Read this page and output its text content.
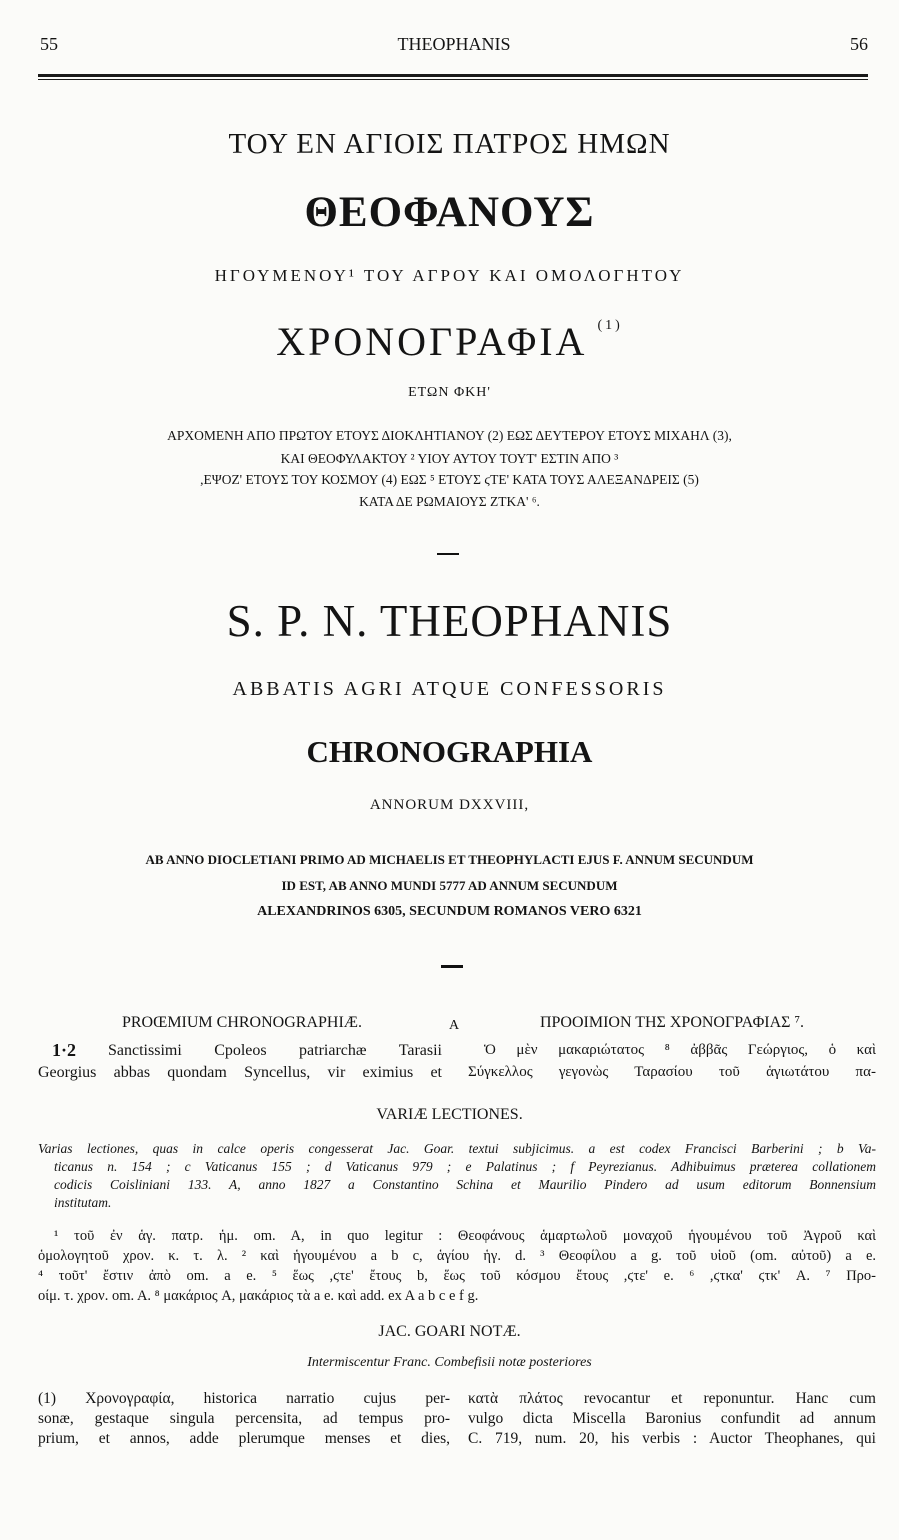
55	THEOPHANIS	56
ΤΟΥ ΕΝ ΑΓΙΟΙΣ ΠΑΤΡΟΣ ΗΜΩΝ
ΘΕΟΦΑΝΟΥΣ
ΗΓΟΥΜΕΝΟΥ¹ ΤΟΥ ΑΓΡΟΥ ΚΑΙ ΟΜΟΛΟΓΗΤΟΥ
ΧΡΟΝΟΓΡΑΦΙΑ $^{(1)}$
ΕΤΩΝ ΦΚΗ'
ΑΡΧΟΜΕΝΗ ΑΠΟ ΠΡΩΤΟΥ ΕΤΟΥΣ ΔΙΟΚΛΗΤΙΑΝΟΥ (2) ΕΩΣ ΔΕΥΤΕΡΟΥ ΕΤΟΥΣ ΜΙΧΑΗΛ (3),
ΚΑΙ ΘΕΟΦΥΛΑΚΤΟΥ ² ΥΙΟΥ ΑΥΤΟΥ ΤΟΥΤ' ΕΣΤΙΝ ΑΠΟ ³
,ΕΨΟΖ' ΕΤΟΥΣ ΤΟΥ ΚΟΣΜΟΥ (4) ΕΩΣ ⁵ ΕΤΟΥΣ ϛΤΕ' ΚΑΤΑ ΤΟΥΣ ΑΛΕΞΑΝΔΡΕΙΣ (5)
ΚΑΤΑ ΔΕ ΡΩΜΑΙΟΥΣ ΖΤΚΑ' ⁶.
S. P. N. THEOPHANIS
ABBATIS AGRI ATQUE CONFESSORIS
CHRONOGRAPHIA
ANNORUM DXXVIII,
AB ANNO DIOCLETIANI PRIMO AD MICHAELIS ET THEOPHYLACTI EJUS F. ANNUM SECUNDUM
ID EST, AB ANNO MUNDI 5777 AD ANNUM SECUNDUM
ALEXANDRINOS 6305, SECUNDUM ROMANOS VERO 6321
PROŒMIUM CHRONOGRAPHIÆ.	A	ΠΡΟΟΙΜΙΟΝ ΤΗΣ ΧΡΟΝΟΓΡΑΦΙΑΣ ⁷.
1·2 Sanctissimi Cpoleos patriarchæ Tarasii
Georgius abbas quondam Syncellus, vir eximius et
Ὁ μὲν μακαριώτατος ⁸ ἀββᾶς Γεώργιος, ὁ καὶ
Σύγκελλος γεγονὼς Ταρασίου τοῦ ἁγιωτάτου πα-
VARIÆ LECTIONES.
Varias lectiones, quas in calce operis congesserat Jac. Goar. textui subjicimus. a est codex Francisci Barberini ; b Va-
ticanus n. 154 ; c Vaticanus 155 ; d Vaticanus 979 ; e Palatinus ; f Peyrezianus. Adhibuimus præterea collationem
codicis Coisliniani 133. A, anno 1827 a Constantino Schina et Maurilio Pindero ad usum editorum Bonnensium
institutam.
¹ τοῦ ἐν ἁγ. πατρ. ἡμ. om. A, in quo legitur : Θεοφάνους ἁμαρτωλοῦ μοναχοῦ ἡγουμένου τοῦ Ἀγροῦ καὶ
ὁμολογητοῦ χρον. κ. τ. λ. ² καὶ ἡγουμένου a b c, ἁγίου ἡγ. d. ³ Θεοφίλου a g. τοῦ υἱοῦ (om. αὐτοῦ) a e.
⁴ τοῦτ' ἔστιν ἀπὸ om. a e. ⁵ ἕως ,ϛτε' ἔτους b, ἕως τοῦ κόσμου ἔτους ,ϛτε' e. ⁶ ,ϛτκα' ϛτκ' A. ⁷ Προ-
οίμ. τ. χρον. om. A. ⁸ μακάριος A, μακάριος τὰ a e. καὶ add. ex A a b c e f g.
JAC. GOARI NOTÆ.
Intermiscentur Franc. Combefisii notæ posteriores
(1) Χρονογραφία, historica narratio cujus per-
sonæ, gestaque singula percensita, ad tempus pro-
prium, et annos, adde plerumque menses et dies,
κατὰ πλάτος revocantur et reponuntur. Hanc cum
vulgo dicta Miscella Baronius confundit ad annum
C. 719, num. 20, his verbis : Auctor Theophanes, qui
